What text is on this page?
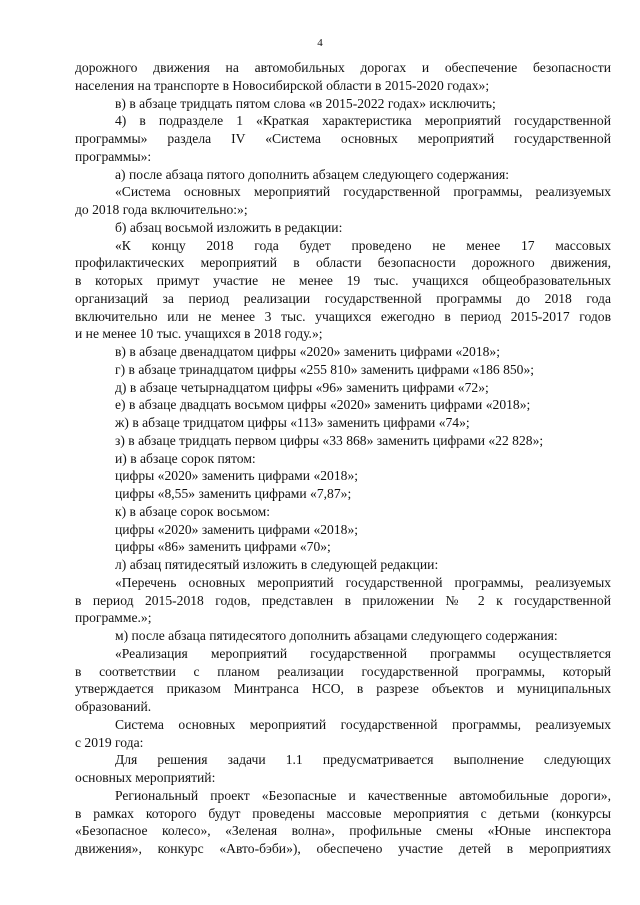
4
дорожного движения на автомобильных дорогах и обеспечение безопасности
населения на транспорте в Новосибирской области в 2015-2020 годах»;
в) в абзаце тридцать пятом слова «в 2015-2022 годах» исключить;
4) в подразделе 1 «Краткая характеристика мероприятий государственной
программы» раздела IV «Система основных мероприятий государственной
программы»:
а) после абзаца пятого дополнить абзацем следующего содержания:
«Система основных мероприятий государственной программы, реализуемых
до 2018 года включительно:»;
б) абзац восьмой изложить в редакции:
«К концу 2018 года будет проведено не менее 17 массовых
профилактических мероприятий в области безопасности дорожного движения,
в которых примут участие не менее 19 тыс. учащихся общеобразовательных
организаций за период реализации государственной программы до 2018 года
включительно или не менее 3 тыс. учащихся ежегодно в период 2015-2017 годов
и не менее 10 тыс. учащихся в 2018 году.»;
в) в абзаце двенадцатом цифры «2020» заменить цифрами «2018»;
г) в абзаце тринадцатом цифры «255 810» заменить цифрами «186 850»;
д) в абзаце четырнадцатом цифры «96» заменить цифрами «72»;
е) в абзаце двадцать восьмом цифры «2020» заменить цифрами «2018»;
ж) в абзаце тридцатом цифры «113» заменить цифрами «74»;
з) в абзаце тридцать первом цифры «33 868» заменить цифрами «22 828»;
и) в абзаце сорок пятом:
цифры «2020» заменить цифрами «2018»;
цифры «8,55» заменить цифрами «7,87»;
к) в абзаце сорок восьмом:
цифры «2020» заменить цифрами «2018»;
цифры «86» заменить цифрами «70»;
л) абзац пятидесятый изложить в следующей редакции:
«Перечень основных мероприятий государственной программы, реализуемых
в период 2015-2018 годов, представлен в приложении № 2 к государственной
программе.»;
м) после абзаца пятидесятого дополнить абзацами следующего содержания:
«Реализация мероприятий государственной программы осуществляется
в соответствии с планом реализации государственной программы, который
утверждается приказом Минтранса НСО, в разрезе объектов и муниципальных
образований.
Система основных мероприятий государственной программы, реализуемых
с 2019 года:
Для решения задачи 1.1 предусматривается выполнение следующих
основных мероприятий:
Региональный проект «Безопасные и качественные автомобильные дороги»,
в рамках которого будут проведены массовые мероприятия с детьми (конкурсы
«Безопасное колесо», «Зеленая волна», профильные смены «Юные инспектора
движения», конкурс «Авто-бэби»), обеспечено участие детей в мероприятиях
